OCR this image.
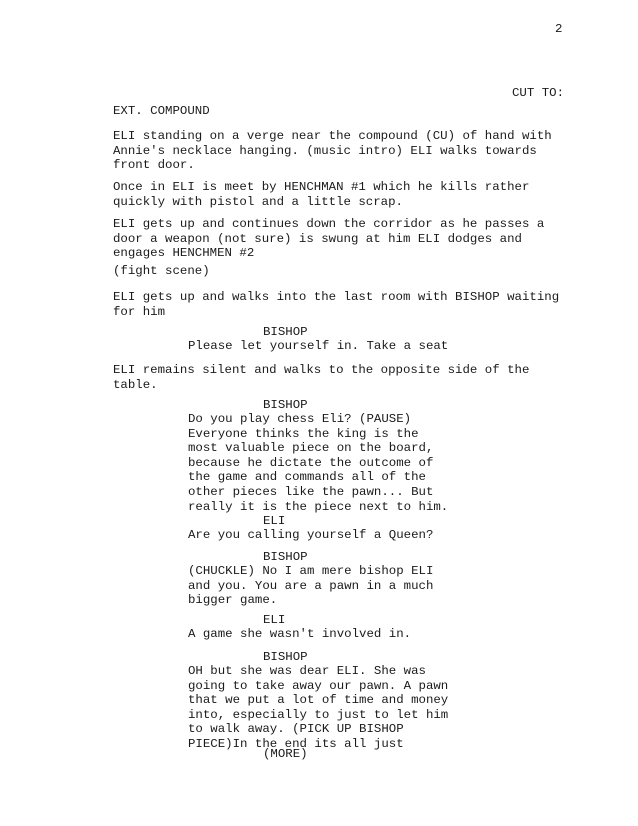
2
CUT TO:
EXT. COMPOUND
ELI standing on a verge near the compound (CU) of hand with
Annie's necklace hanging. (music intro) ELI walks towards
front door.
Once in ELI is meet by HENCHMAN #1 which he kills rather
quickly with pistol and a little scrap.
ELI gets up and continues down the corridor as he passes a
door a weapon (not sure) is swung at him ELI dodges and
engages HENCHMEN #2
(fight scene)
ELI gets up and walks into the last room with BISHOP waiting
for him
BISHOP
Please let yourself in. Take a seat
ELI remains silent and walks to the opposite side of the
table.
BISHOP
Do you play chess Eli? (PAUSE)
Everyone thinks the king is the
most valuable piece on the board,
because he dictate the outcome of
the game and commands all of the
other pieces like the pawn... But
really it is the piece next to him.
ELI
Are you calling yourself a Queen?
BISHOP
(CHUCKLE) No I am mere bishop ELI
and you. You are a pawn in a much
bigger game.
ELI
A game she wasn't involved in.
BISHOP
OH but she was dear ELI. She was
going to take away our pawn. A pawn
that we put a lot of time and money
into, especially to just to let him
to walk away. (PICK UP BISHOP
PIECE)In the end its all just
(MORE)
